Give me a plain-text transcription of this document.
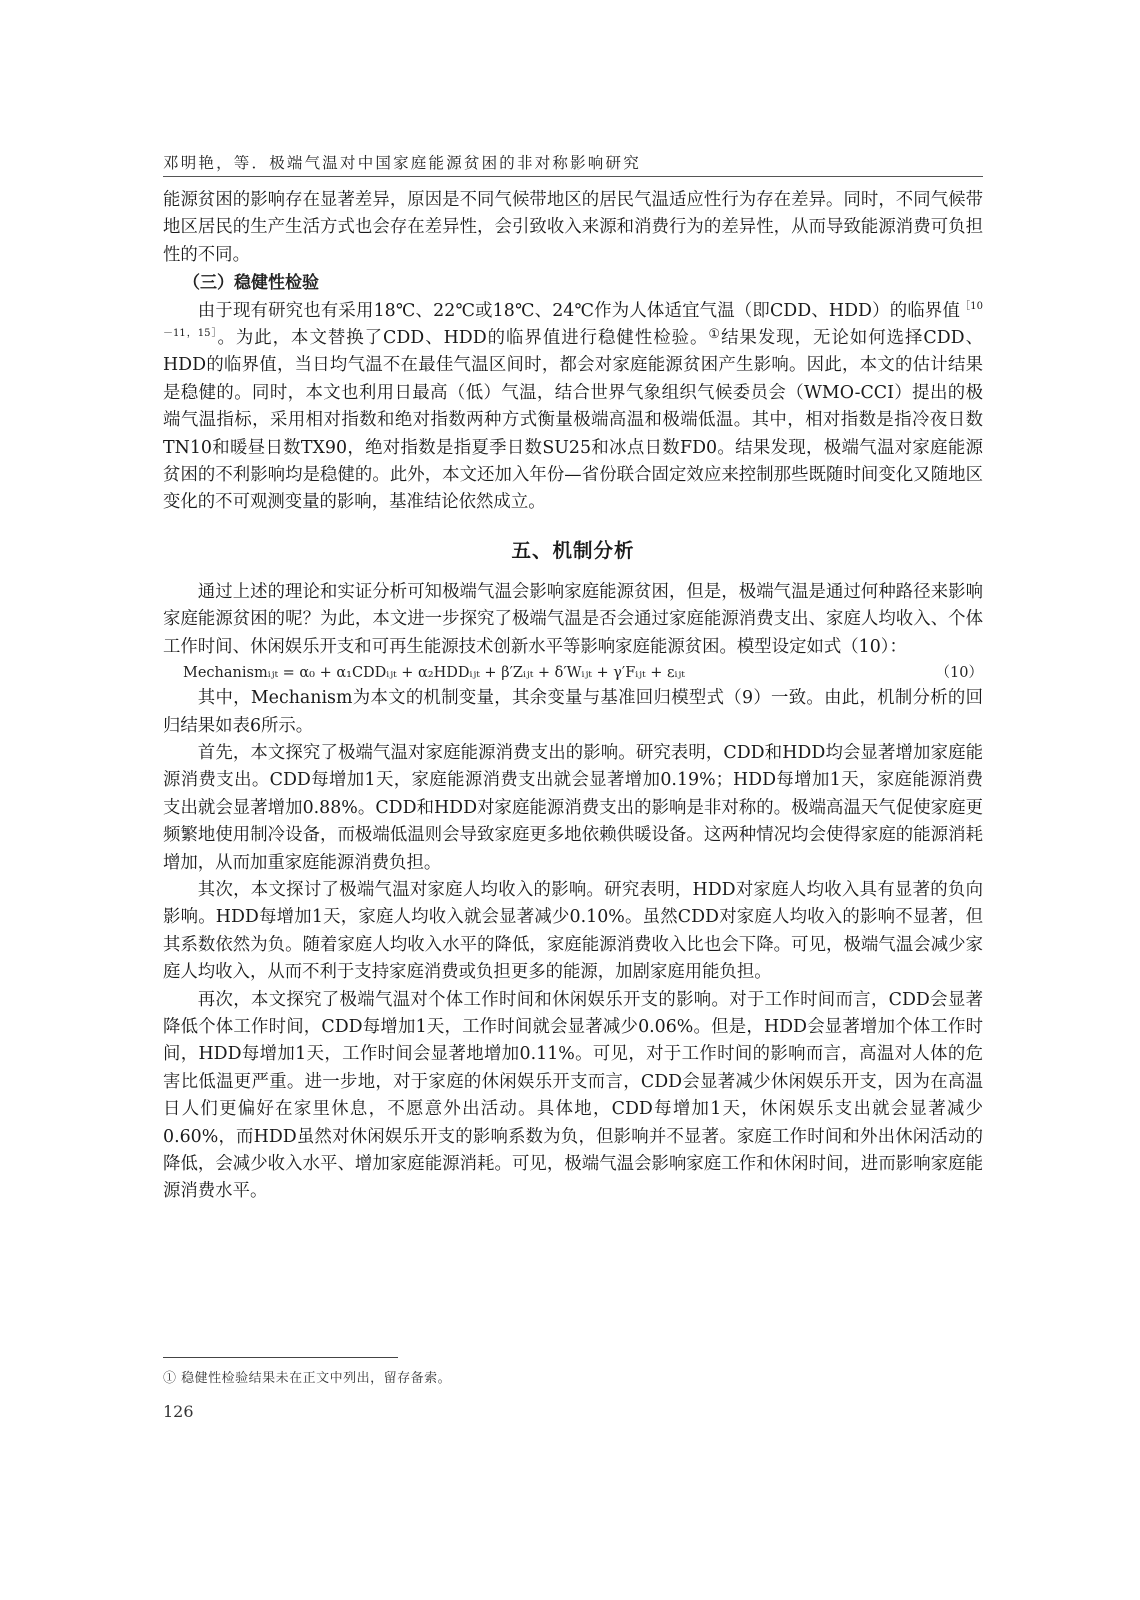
邓明艳，等．极端气温对中国家庭能源贫困的非对称影响研究

能源贫困的影响存在显著差异，原因是不同气候带地区的居民气温适应性行为存在差异。同时，不同气候带地区居民的生产生活方式也会存在差异性，会引致收入来源和消费行为的差异性，从而导致能源消费可负担性的不同。

（三）稳健性检验

由于现有研究也有采用18℃、22℃或18℃、24℃作为人体适宜气温（即CDD、HDD）的临界值$^{[10-11,15]}$。为此，本文替换了CDD、HDD的临界值进行稳健性检验。①结果发现，无论如何选择CDD、HDD的临界值，当日均气温不在最佳气温区间时，都会对家庭能源贫困产生影响。因此，本文的估计结果是稳健的。同时，本文也利用日最高（低）气温，结合世界气象组织气候委员会（WMO-CCI）提出的极端气温指标，采用相对指数和绝对指数两种方式衡量极端高温和极端低温。其中，相对指数是指冷夜日数TN10和暖昼日数TX90，绝对指数是指夏季日数SU25和冰点日数FD0。结果发现，极端气温对家庭能源贫困的不利影响均是稳健的。此外，本文还加入年份—省份联合固定效应来控制那些既随时间变化又随地区变化的不可观测变量的影响，基准结论依然成立。

五、机制分析

通过上述的理论和实证分析可知极端气温会影响家庭能源贫困，但是，极端气温是通过何种路径来影响家庭能源贫困的呢？为此，本文进一步探究了极端气温是否会通过家庭能源消费支出、家庭人均收入、个体工作时间、休闲娱乐开支和可再生能源技术创新水平等影响家庭能源贫困。模型设定如式（10）：

Mechanismᵢⱼₜ = α₀ + α₁CDDᵢⱼₜ + α₂HDDᵢⱼₜ + β′Zᵢⱼₜ + δ′Wᵢⱼₜ + γ′Fᵢⱼₜ + εᵢⱼₜ	（10）

其中，Mechanism为本文的机制变量，其余变量与基准回归模型式（9）一致。由此，机制分析的回归结果如表6所示。

首先，本文探究了极端气温对家庭能源消费支出的影响。研究表明，CDD和HDD均会显著增加家庭能源消费支出。CDD每增加1天，家庭能源消费支出就会显著增加0.19%；HDD每增加1天，家庭能源消费支出就会显著增加0.88%。CDD和HDD对家庭能源消费支出的影响是非对称的。极端高温天气促使家庭更频繁地使用制冷设备，而极端低温则会导致家庭更多地依赖供暖设备。这两种情况均会使得家庭的能源消耗增加，从而加重家庭能源消费负担。

其次，本文探讨了极端气温对家庭人均收入的影响。研究表明，HDD对家庭人均收入具有显著的负向影响。HDD每增加1天，家庭人均收入就会显著减少0.10%。虽然CDD对家庭人均收入的影响不显著，但其系数依然为负。随着家庭人均收入水平的降低，家庭能源消费收入比也会下降。可见，极端气温会减少家庭人均收入，从而不利于支持家庭消费或负担更多的能源，加剧家庭用能负担。

再次，本文探究了极端气温对个体工作时间和休闲娱乐开支的影响。对于工作时间而言，CDD会显著降低个体工作时间，CDD每增加1天，工作时间就会显著减少0.06%。但是，HDD会显著增加个体工作时间，HDD每增加1天，工作时间会显著地增加0.11%。可见，对于工作时间的影响而言，高温对人体的危害比低温更严重。进一步地，对于家庭的休闲娱乐开支而言，CDD会显著减少休闲娱乐开支，因为在高温日人们更偏好在家里休息，不愿意外出活动。具体地，CDD每增加1天，休闲娱乐支出就会显著减少0.60%，而HDD虽然对休闲娱乐开支的影响系数为负，但影响并不显著。家庭工作时间和外出休闲活动的降低，会减少收入水平、增加家庭能源消耗。可见，极端气温会影响家庭工作和休闲时间，进而影响家庭能源消费水平。

① 稳健性检验结果未在正文中列出，留存备索。
126
